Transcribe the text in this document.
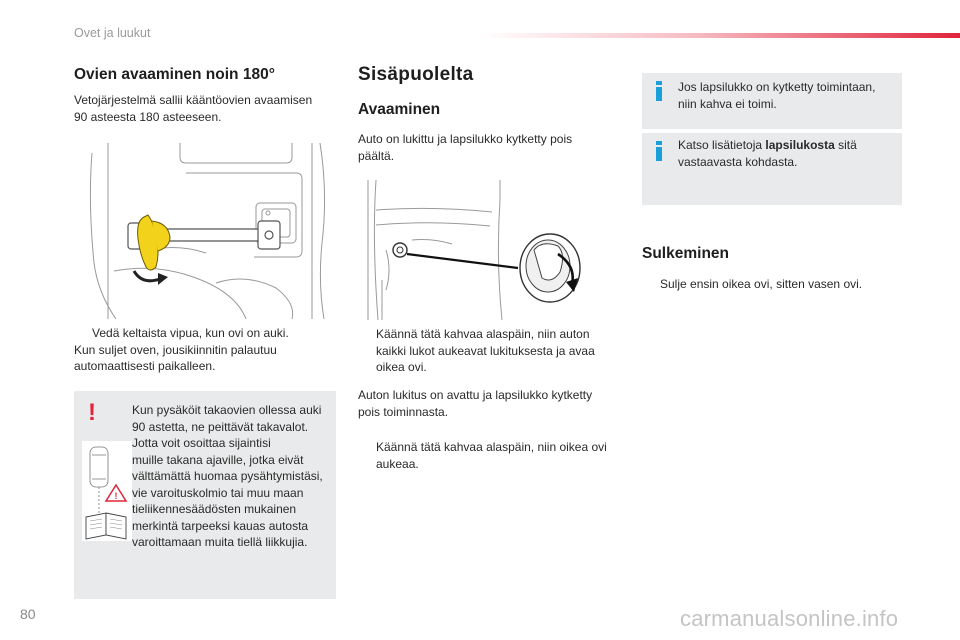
Ovet ja luukut
Ovien avaaminen noin 180°
Vetojärjestelmä sallii kääntöovien avaamisen
90 asteesta 180 asteeseen.
Vedä keltaista vipua, kun ovi on auki.
Kun suljet oven, jousikiinnitin palautuu
automaattisesti paikalleen.
!
!
Kun pysäköit takaovien ollessa auki
90 astetta, ne peittävät takavalot.
Jotta voit osoittaa sijaintisi
muille takana ajaville, jotka eivät
välttämättä huomaa pysähtymistäsi,
vie varoituskolmio tai muu maan
tieliikennesäädösten mukainen
merkintä tarpeeksi kauas autosta
varoittamaan muita tiellä liikkujia.
Sisäpuolelta
Avaaminen
Auto on lukittu ja lapsilukko kytketty pois
päältä.
Käännä tätä kahvaa alaspäin, niin auton
kaikki lukot aukeavat lukituksesta ja avaa
oikea ovi.
Auton lukitus on avattu ja lapsilukko kytketty
pois toiminnasta.
Käännä tätä kahvaa alaspäin, niin oikea ovi
aukeaa.
Jos lapsilukko on kytketty toimintaan,
niin kahva ei toimi.
Katso lisätietoja lapsilukosta sitä
vastaavasta kohdasta.
Sulkeminen
Sulje ensin oikea ovi, sitten vasen ovi.
80	carmanualsonline.info
